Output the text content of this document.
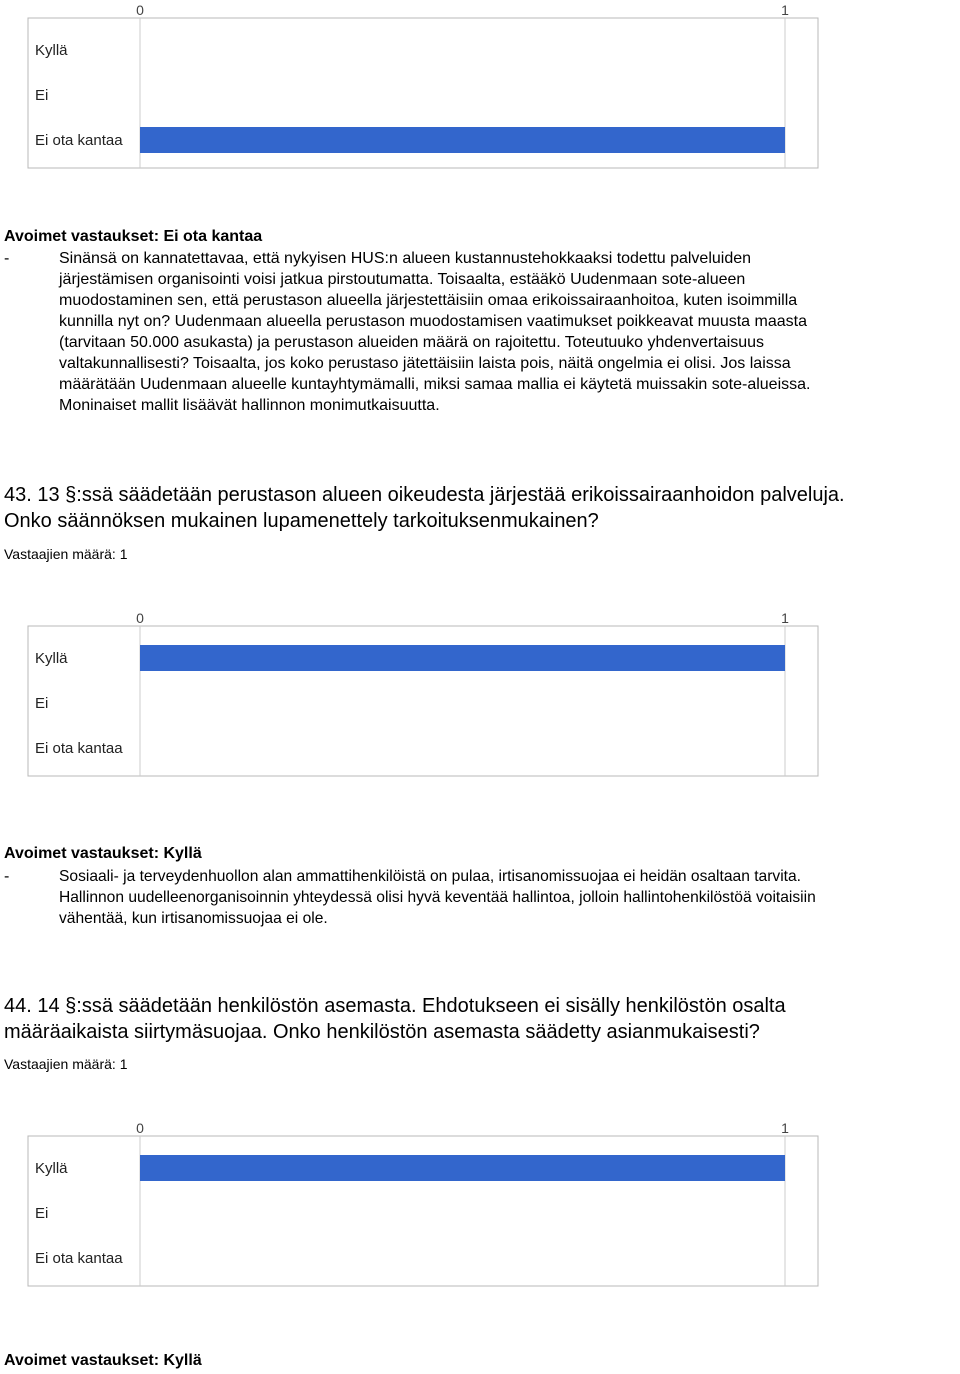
0	1
Kyllä
Ei
Ei ota kantaa

Avoimet vastaukset: Ei ota kantaa

-	Sinänsä on kannatettavaa, että nykyisen HUS:n alueen kustannustehokkaaksi todettu palveluiden
järjestämisen organisointi voisi jatkua pirstoutumatta. Toisaalta, estääkö Uudenmaan sote-alueen
muodostaminen sen, että perustason alueella järjestettäisiin omaa erikoissairaanhoitoa, kuten isoimmilla
kunnilla nyt on? Uudenmaan alueella perustason muodostamisen vaatimukset poikkeavat muusta maasta
(tarvitaan 50.000 asukasta) ja perustason alueiden määrä on rajoitettu. Toteutuuko yhdenvertaisuus
valtakunnallisesti? Toisaalta, jos koko perustaso jätettäisiin laista pois, näitä ongelmia ei olisi. Jos laissa
määrätään Uudenmaan alueelle kuntayhtymämalli, miksi samaa mallia ei käytetä muissakin sote-alueissa.
Moninaiset mallit lisäävät hallinnon monimutkaisuutta.

43. 13 §:ssä säädetään perustason alueen oikeudesta järjestää erikoissairaanhoidon palveluja.
Onko säännöksen mukainen lupamenettely tarkoituksenmukainen?

Vastaajien määrä: 1

0	1
Kyllä
Ei
Ei ota kantaa

Avoimet vastaukset: Kyllä

-	Sosiaali- ja terveydenhuollon alan ammattihenkilöistä on pulaa, irtisanomissuojaa ei heidän osaltaan tarvita.
Hallinnon uudelleenorganisoinnin yhteydessä olisi hyvä keventää hallintoa, jolloin hallintohenkilöstöä voitaisiin
vähentää, kun irtisanomissuojaa ei ole.

44. 14 §:ssä säädetään henkilöstön asemasta. Ehdotukseen ei sisälly henkilöstön osalta
määräaikaista siirtymäsuojaa. Onko henkilöstön asemasta säädetty asianmukaisesti?

Vastaajien määrä: 1

0	1
Kyllä
Ei
Ei ota kantaa

Avoimet vastaukset: Kyllä
